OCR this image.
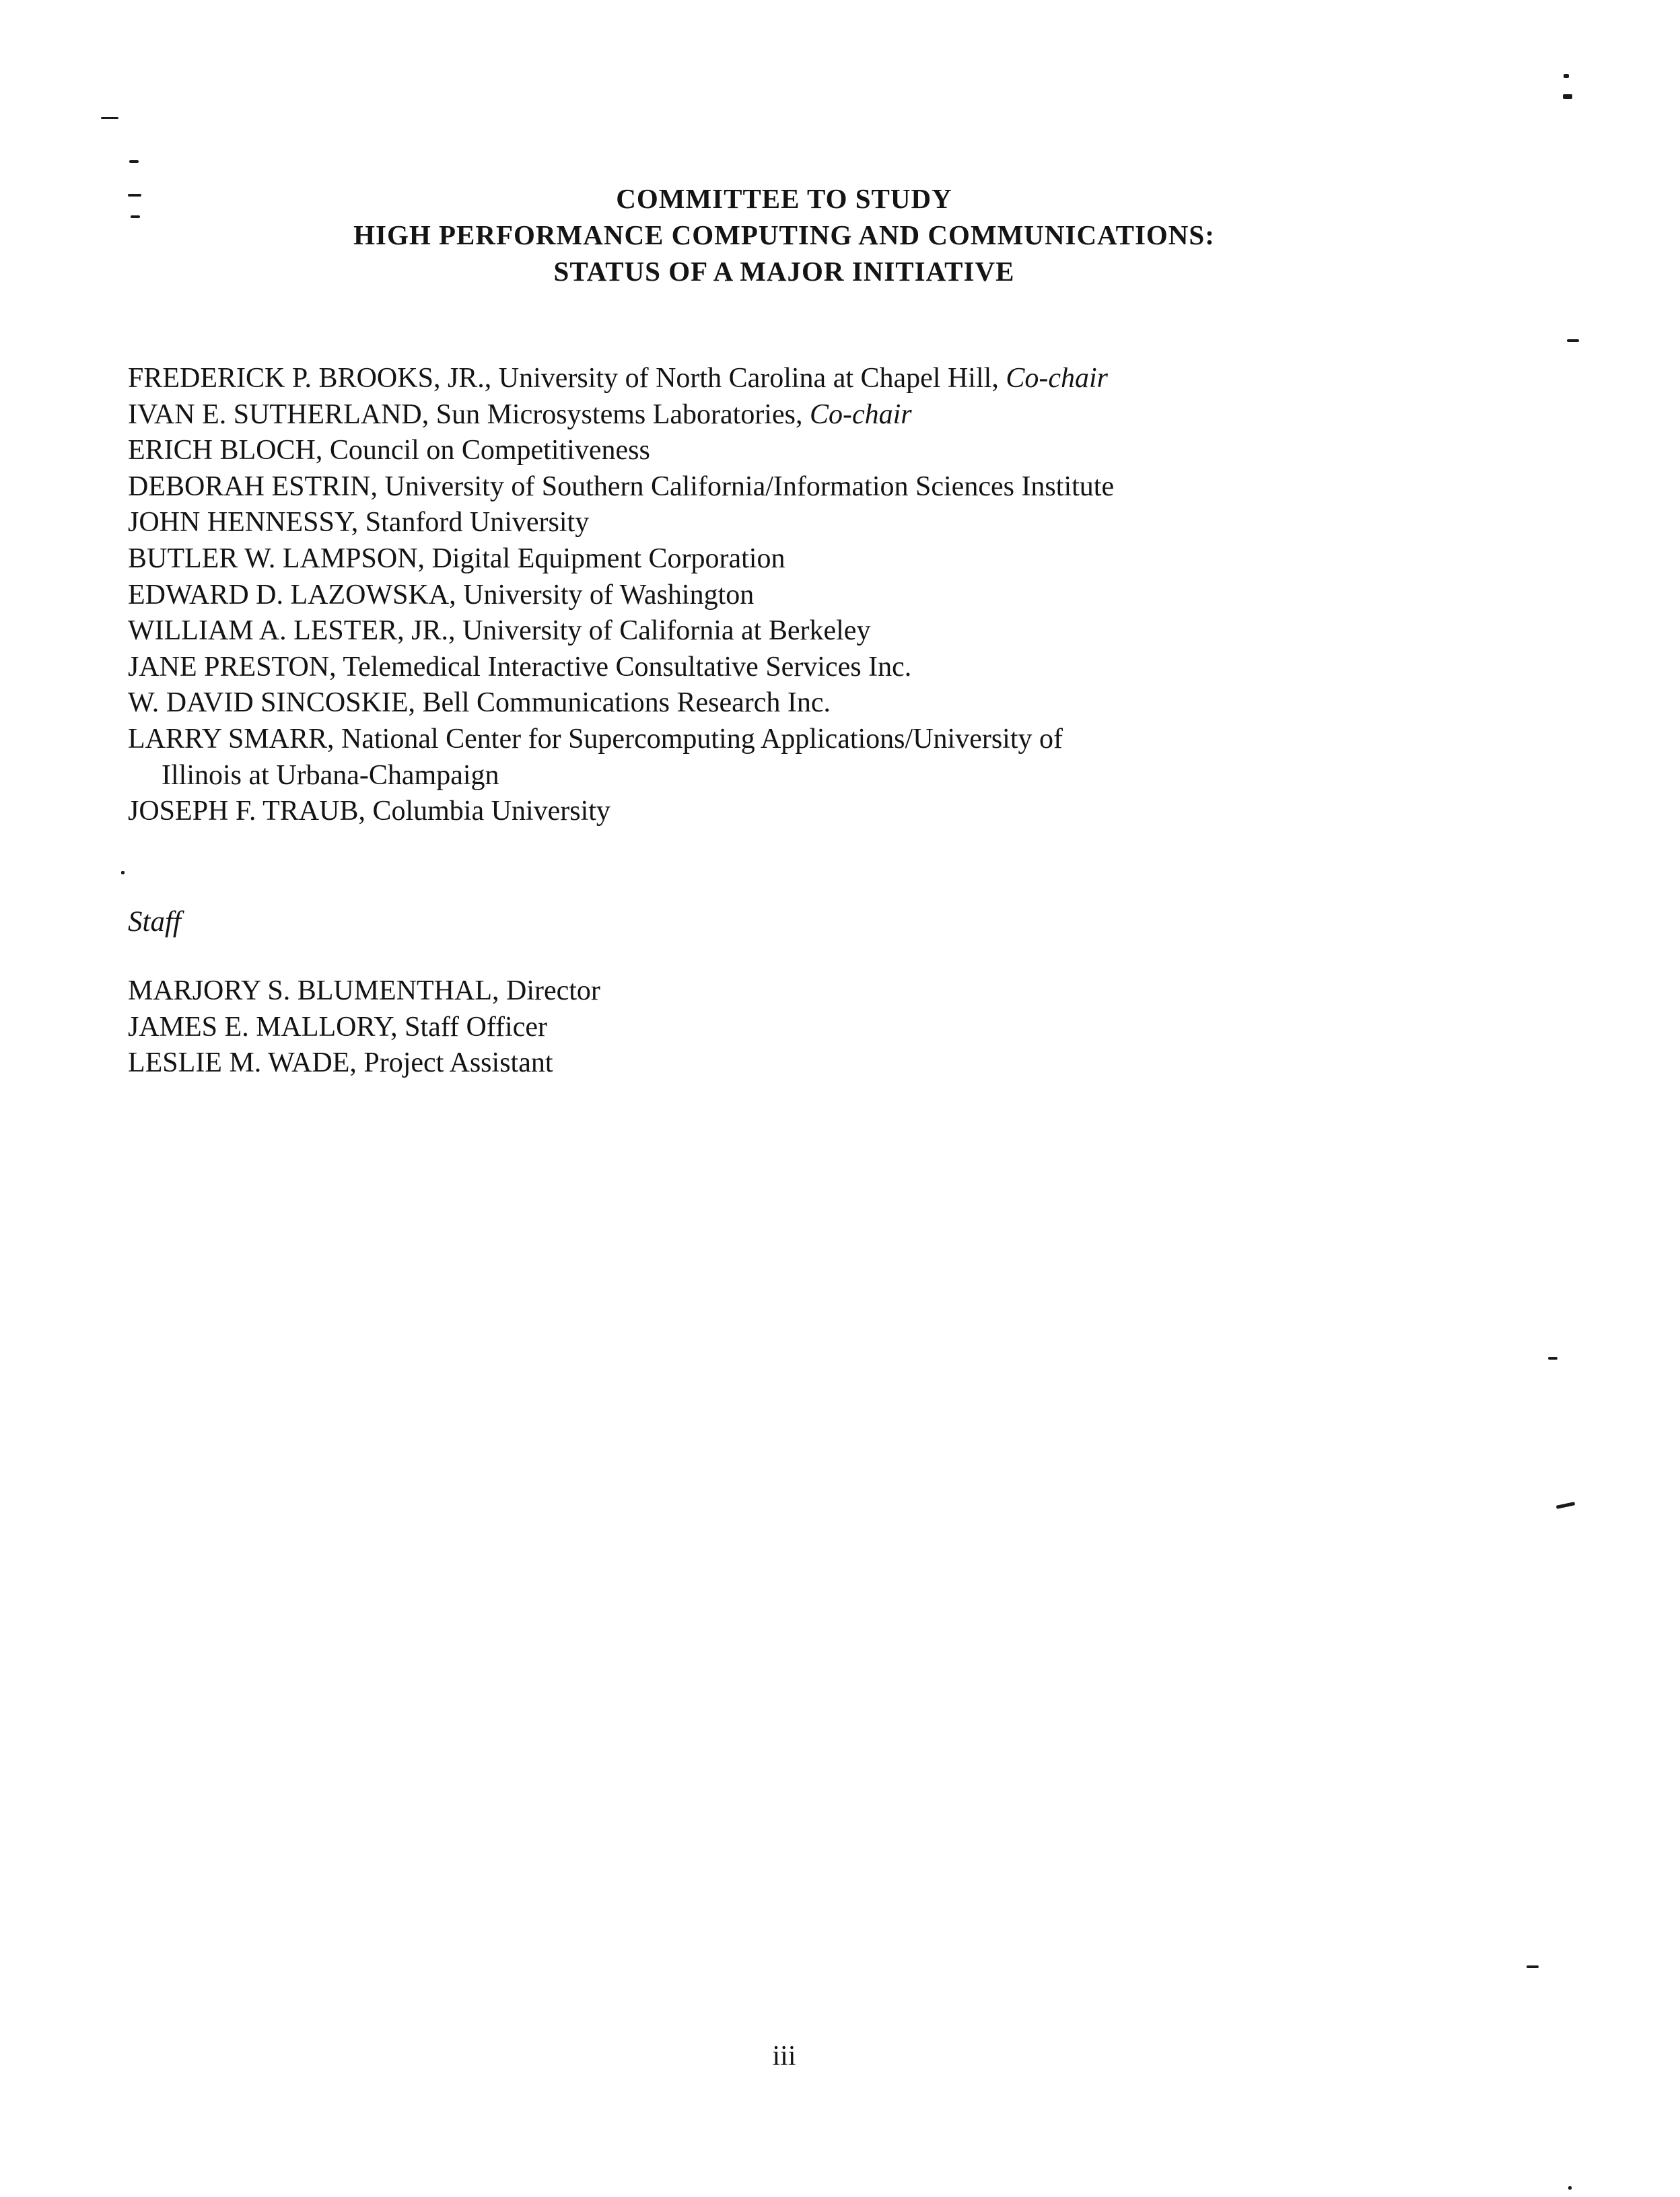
COMMITTEE TO STUDY
HIGH PERFORMANCE COMPUTING AND COMMUNICATIONS:
STATUS OF A MAJOR INITIATIVE
FREDERICK P. BROOKS, JR., University of North Carolina at Chapel Hill, Co-chair
IVAN E. SUTHERLAND, Sun Microsystems Laboratories, Co-chair
ERICH BLOCH, Council on Competitiveness
DEBORAH ESTRIN, University of Southern California/Information Sciences Institute
JOHN HENNESSY, Stanford University
BUTLER W. LAMPSON, Digital Equipment Corporation
EDWARD D. LAZOWSKA, University of Washington
WILLIAM A. LESTER, JR., University of California at Berkeley
JANE PRESTON, Telemedical Interactive Consultative Services Inc.
W. DAVID SINCOSKIE, Bell Communications Research Inc.
LARRY SMARR, National Center for Supercomputing Applications/University of
Illinois at Urbana-Champaign
JOSEPH F. TRAUB, Columbia University
Staff
MARJORY S. BLUMENTHAL, Director
JAMES E. MALLORY, Staff Officer
LESLIE M. WADE, Project Assistant
iii
